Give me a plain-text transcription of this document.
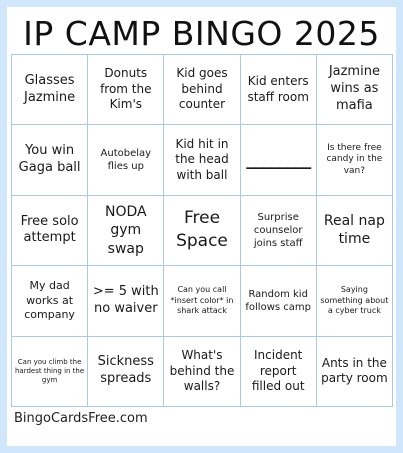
IP CAMP BINGO 2025
Glasses Jazmine
Donuts from the Kim's
Kid goes behind counter
Kid enters staff room
Jazmine wins as mafia
You win Gaga ball
Autobelay flies up
Kid hit in the head with ball
________
Is there free candy in the van?
Free solo attempt
NODA gym swap
Free Space
Surprise counselor joins staff
Real nap time
My dad works at company
>= 5 with no waiver
Can you call *insert color* in shark attack
Random kid follows camp
Saying something about a cyber truck
Can you climb the hardest thing in the gym
Sickness spreads
What's behind the walls?
Incident report filled out
Ants in the party room
BingoCardsFree.com
